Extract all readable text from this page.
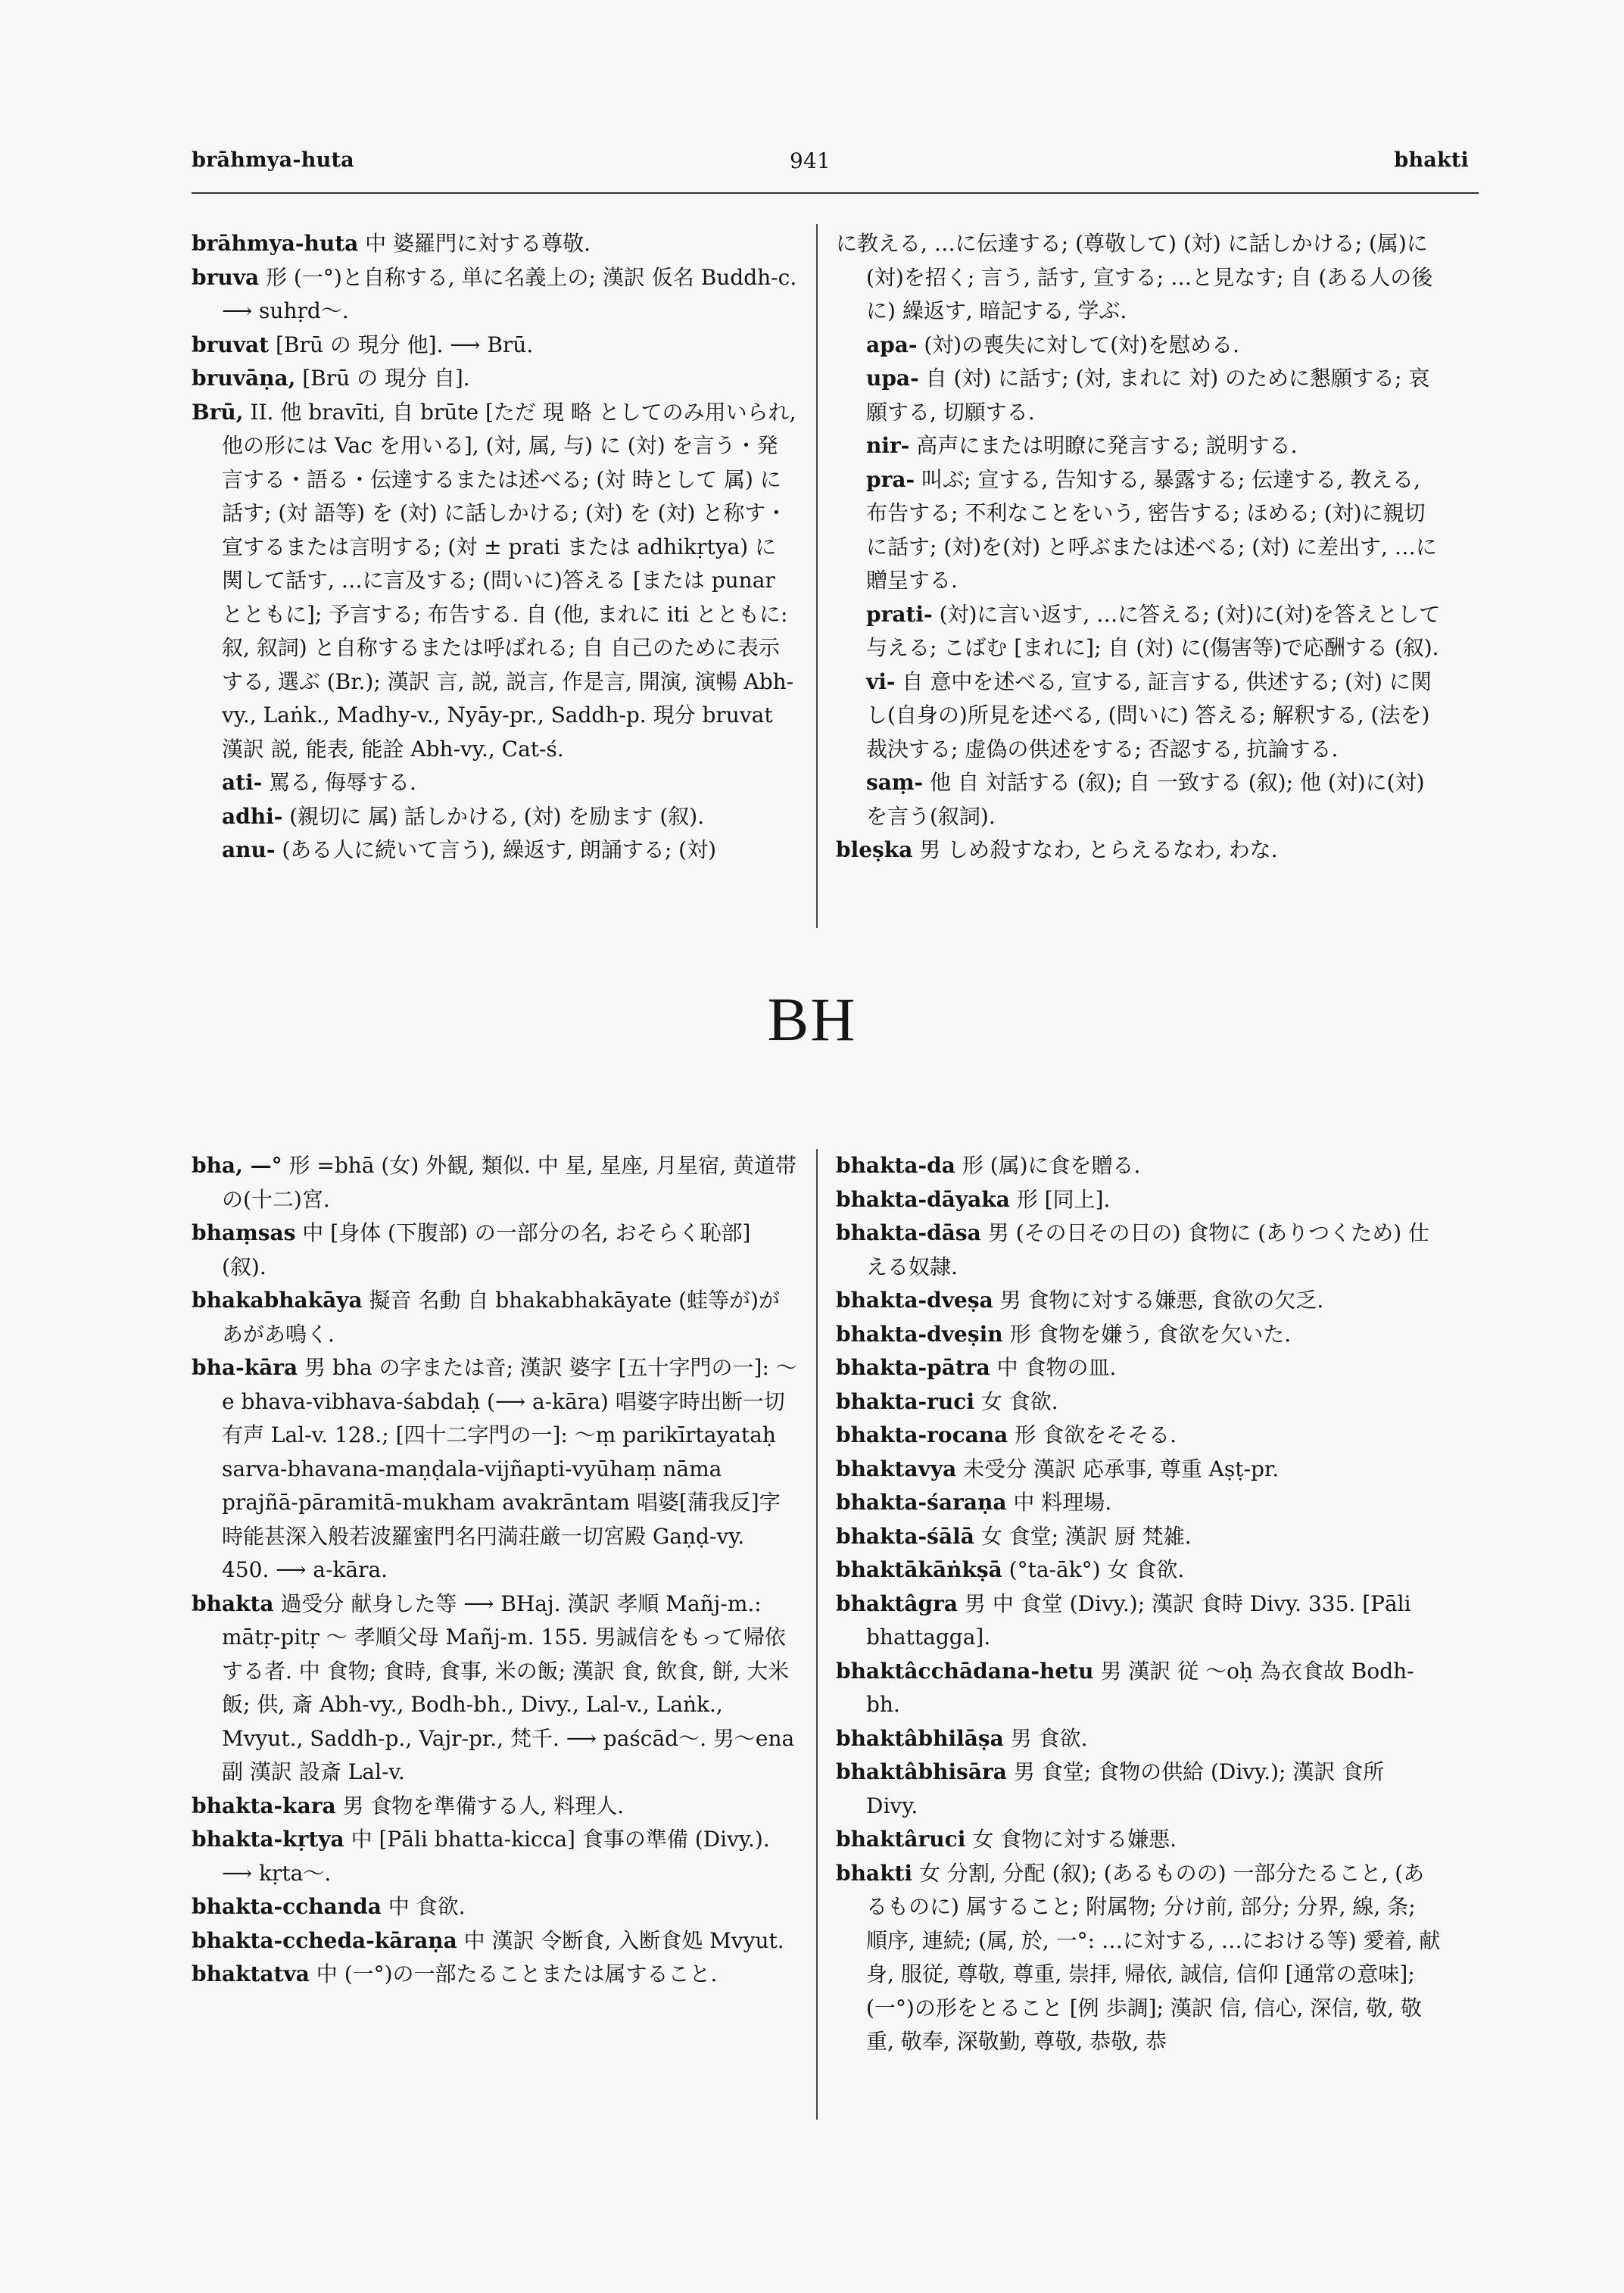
brāhmya-huta	941	bhakti

brāhmya-huta 中 婆羅門に対する尊敬.

bruva 形 (一°)と自称する, 単に名義上の; 漢訳 仮名 Buddh-c. ⟶ suhṛd～.

bruvat [Brū の 現分 他]. ⟶ Brū.

bruvāṇa, [Brū の 現分 自].

Brū, II. 他 bravīti, 自 brūte [ただ 現 略 としてのみ用いられ, 他の形には Vac を用いる], (対, 属, 与) に (対) を言う・発言する・語る・伝達するまたは述べる; (対 時として 属) に話す; (対 語等) を (対) に話しかける; (対) を (対) と称す・宣するまたは言明する; (対 ± prati または adhikṛtya) に関して話す, …に言及する; (問いに)答える [または punar とともに]; 予言する; 布告する. 自 (他, まれに iti とともに: 叙, 叙詞) と自称するまたは呼ばれる; 自 自己のために表示する, 選ぶ (Br.); 漢訳 言, 説, 説言, 作是言, 開演, 演暢 Abh-vy., Laṅk., Madhy-v., Nyāy-pr., Saddh-p. 現分 bruvat 漢訳 説, 能表, 能詮 Abh-vy., Cat-ś.

ati- 罵る, 侮辱する.

adhi- (親切に 属) 話しかける, (対) を励ます (叙).

anu- (ある人に続いて言う), 繰返す, 朗誦する; (対)

に教える, …に伝達する; (尊敬して) (対) に話しかける; (属)に(対)を招く; 言う, 話す, 宣する; …と見なす; 自 (ある人の後に) 繰返す, 暗記する, 学ぶ.

apa- (対)の喪失に対して(対)を慰める.

upa- 自 (対) に話す; (対, まれに 対) のために懇願する; 哀願する, 切願する.

nir- 高声にまたは明瞭に発言する; 説明する.

pra- 叫ぶ; 宣する, 告知する, 暴露する; 伝達する, 教える, 布告する; 不利なことをいう, 密告する; ほめる; (対)に親切に話す; (対)を(対) と呼ぶまたは述べる; (対) に差出す, …に贈呈する.

prati- (対)に言い返す, …に答える; (対)に(対)を答えとして与える; こばむ [まれに]; 自 (対) に(傷害等)で応酬する (叙).

vi- 自 意中を述べる, 宣する, 証言する, 供述する; (対) に関し(自身の)所見を述べる, (問いに) 答える; 解釈する, (法を) 裁決する; 虚偽の供述をする; 否認する, 抗論する.

saṃ- 他 自 対話する (叙); 自 一致する (叙); 他 (対)に(対)を言う(叙詞).

bleṣka 男 しめ殺すなわ, とらえるなわ, わな.

BH

bha, —° 形 =bhā (女) 外観, 類似. 中 星, 星座, 月星宿, 黄道帯の(十二)宮.

bhaṃsas 中 [身体 (下腹部) の一部分の名, おそらく恥部] (叙).

bhakabhakāya 擬音 名動 自 bhakabhakāyate (蛙等が)があがあ鳴く.

bha-kāra 男 bha の字または音; 漢訳 婆字 [五十字門の一]: ～e bhava-vibhava-śabdaḥ (⟶ a-kāra) 唱婆字時出断一切有声 Lal-v. 128.; [四十二字門の一]: ～ṃ parikīrtayataḥ sarva-bhavana-maṇḍala-vijñapti-vyūhaṃ nāma prajñā-pāramitā-mukham avakrāntam 唱婆[蒲我反]字時能甚深入般若波羅蜜門名円満荘厳一切宮殿 Gaṇḍ-vy. 450. ⟶ a-kāra.

bhakta 過受分 献身した等 ⟶ BHaj. 漢訳 孝順 Mañj-m.: mātṛ-pitṛ ～ 孝順父母 Mañj-m. 155. 男誠信をもって帰依する者. 中 食物; 食時, 食事, 米の飯; 漢訳 食, 飲食, 餅, 大米飯; 供, 斎 Abh-vy., Bodh-bh., Divy., Lal-v., Laṅk., Mvyut., Saddh-p., Vajr-pr., 梵千. ⟶ paścād～. 男～ena 副 漢訳 設斎 Lal-v.

bhakta-kara 男 食物を準備する人, 料理人.

bhakta-kṛtya 中 [Pāli bhatta-kicca] 食事の準備 (Divy.). ⟶ kṛta～.

bhakta-cchanda 中 食欲.

bhakta-ccheda-kāraṇa 中 漢訳 令断食, 入断食処 Mvyut.

bhaktatva 中 (一°)の一部たることまたは属すること.

bhakta-da 形 (属)に食を贈る.

bhakta-dāyaka 形 [同上].

bhakta-dāsa 男 (その日その日の) 食物に (ありつくため) 仕える奴隷.

bhakta-dveṣa 男 食物に対する嫌悪, 食欲の欠乏.

bhakta-dveṣin 形 食物を嫌う, 食欲を欠いた.

bhakta-pātra 中 食物の皿.

bhakta-ruci 女 食欲.

bhakta-rocana 形 食欲をそそる.

bhaktavya 未受分 漢訳 応承事, 尊重 Aṣṭ-pr.

bhakta-śaraṇa 中 料理場.

bhakta-śālā 女 食堂; 漢訳 厨 梵雑.

bhaktākāṅkṣā (°ta-āk°) 女 食欲.

bhaktâgra 男 中 食堂 (Divy.); 漢訳 食時 Divy. 335. [Pāli bhattagga].

bhaktâcchādana-hetu 男 漢訳 従 ～oḥ 為衣食故 Bodh-bh.

bhaktâbhilāṣa 男 食欲.

bhaktâbhisāra 男 食堂; 食物の供給 (Divy.); 漢訳 食所 Divy.

bhaktâruci 女 食物に対する嫌悪.

bhakti 女 分割, 分配 (叙); (あるものの) 一部分たること, (あるものに) 属すること; 附属物; 分け前, 部分; 分界, 線, 条; 順序, 連続; (属, 於, 一°: …に対する, …における等) 愛着, 献身, 服従, 尊敬, 尊重, 崇拝, 帰依, 誠信, 信仰 [通常の意味]; (一°)の形をとること [例 歩調]; 漢訳 信, 信心, 深信, 敬, 敬重, 敬奉, 深敬勤, 尊敬, 恭敬, 恭
